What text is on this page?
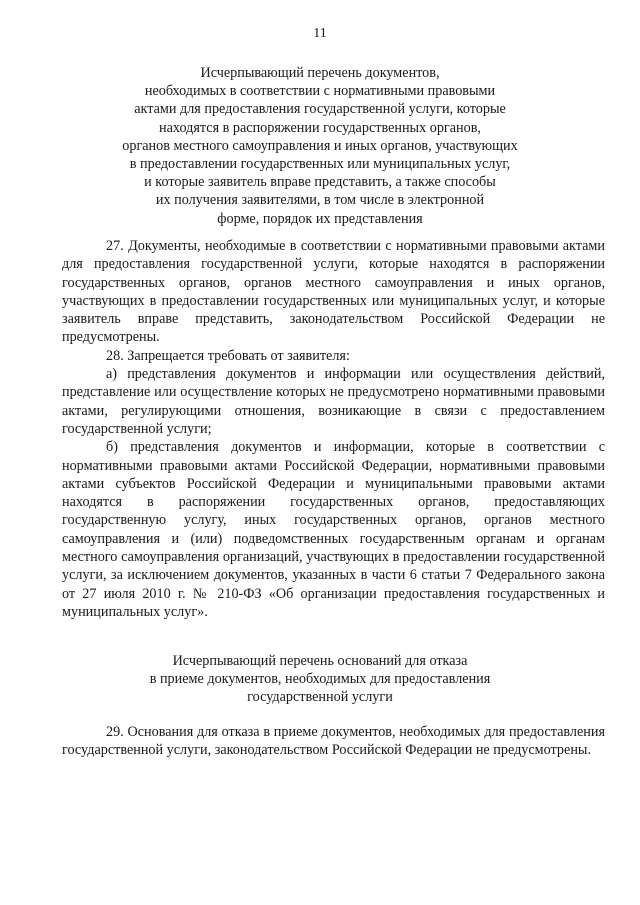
11
Исчерпывающий перечень документов,
необходимых в соответствии с нормативными правовыми
актами для предоставления государственной услуги, которые
находятся в распоряжении государственных органов,
органов местного самоуправления и иных органов, участвующих
в предоставлении государственных или муниципальных услуг,
и которые заявитель вправе представить, а также способы
их получения заявителями, в том числе в электронной
форме, порядок их представления

27. Документы, необходимые в соответствии с нормативными правовыми актами для предоставления государственной услуги, которые находятся в распоряжении государственных органов, органов местного самоуправления и иных органов, участвующих в предоставлении государственных или муниципальных услуг, и которые заявитель вправе представить, законодательством Российской Федерации не предусмотрены.

28. Запрещается требовать от заявителя:

а) представления документов и информации или осуществления действий, представление или осуществление которых не предусмотрено нормативными правовыми актами, регулирующими отношения, возникающие в связи с предоставлением государственной услуги;

б) представления документов и информации, которые в соответствии с нормативными правовыми актами Российской Федерации, нормативными правовыми актами субъектов Российской Федерации и муниципальными правовыми актами находятся в распоряжении государственных органов, предоставляющих государственную услугу, иных государственных органов, органов местного самоуправления и (или) подведомственных государственным органам и органам местного самоуправления организаций, участвующих в предоставлении государственной услуги, за исключением документов, указанных в части 6 статьи 7 Федерального закона от 27 июля 2010 г. № 210-ФЗ «Об организации предоставления государственных и муниципальных услуг».

Исчерпывающий перечень оснований для отказа
в приеме документов, необходимых для предоставления
государственной услуги

29. Основания для отказа в приеме документов, необходимых для предоставления государственной услуги, законодательством Российской Федерации не предусмотрены.
